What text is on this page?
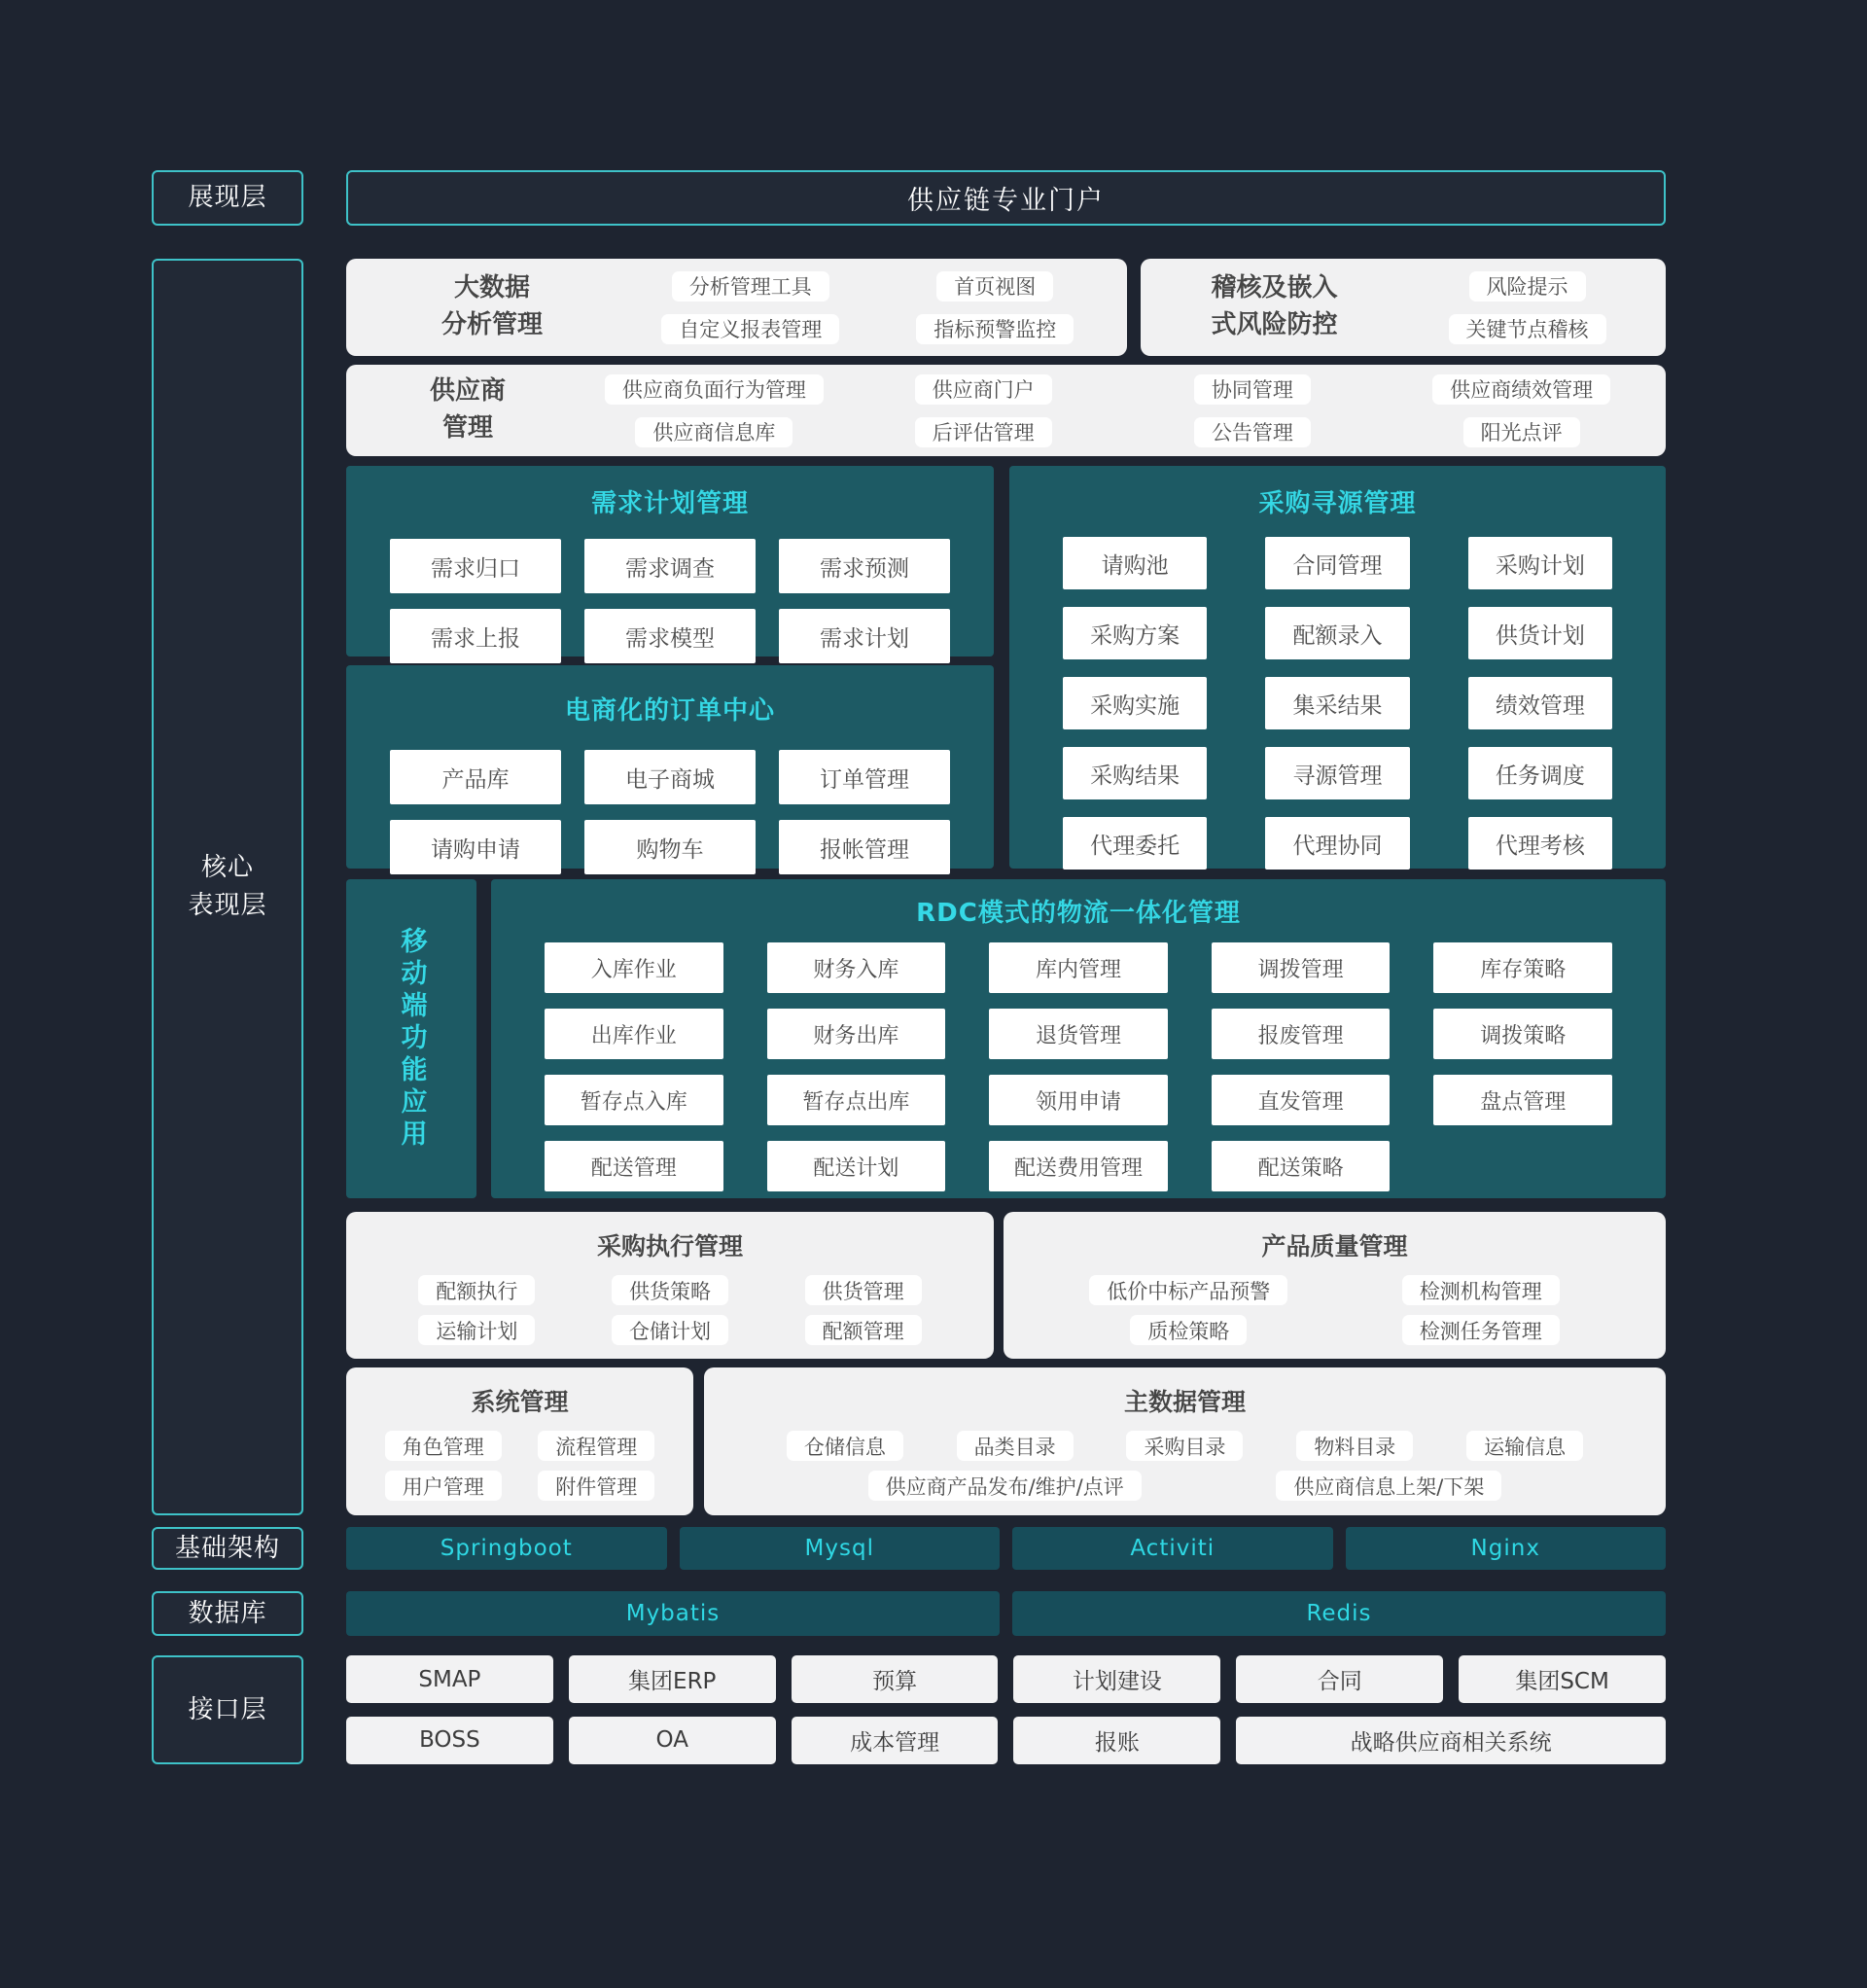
展现层	供应链专业门户
核心
表现层
大数据
分析管理
分析管理工具
自定义报表管理
首页视图
指标预警监控
稽核及嵌入
式风险防控
风险提示
关键节点稽核
供应商
管理
供应商负面行为管理
供应商信息库
供应商门户
后评估管理
协同管理
公告管理
供应商绩效管理
阳光点评
需求计划管理
需求归口	需求调查	需求预测
需求上报	需求模型	需求计划
电商化的订单中心
产品库	电子商城	订单管理
请购申请	购物车	报帐管理
采购寻源管理
请购池	合同管理	采购计划
采购方案	配额录入	供货计划
采购实施	集采结果	绩效管理
采购结果	寻源管理	任务调度
代理委托	代理协同	代理考核
移动端功能应用
RDC模式的物流一体化管理
入库作业	财务入库	库内管理	调拨管理	库存策略
出库作业	财务出库	退货管理	报废管理	调拨策略
暂存点入库	暂存点出库	领用申请	直发管理	盘点管理
配送管理	配送计划	配送费用管理	配送策略
采购执行管理
配额执行	供货策略	供货管理
运输计划	仓储计划	配额管理
产品质量管理
低价中标产品预警	检测机构管理
质检策略	检测任务管理
系统管理
角色管理	流程管理
用户管理	附件管理
主数据管理
仓储信息	品类目录	采购目录	物料目录	运输信息
供应商产品发布/维护/点评	供应商信息上架/下架
基础架构	Springboot	Mysql	Activiti	Nginx
数据库	Mybatis	Redis
接口层
SMAP	集团ERP	预算	计划建设	合同	集团SCM
BOSS	OA	成本管理	报账	战略供应商相关系统
